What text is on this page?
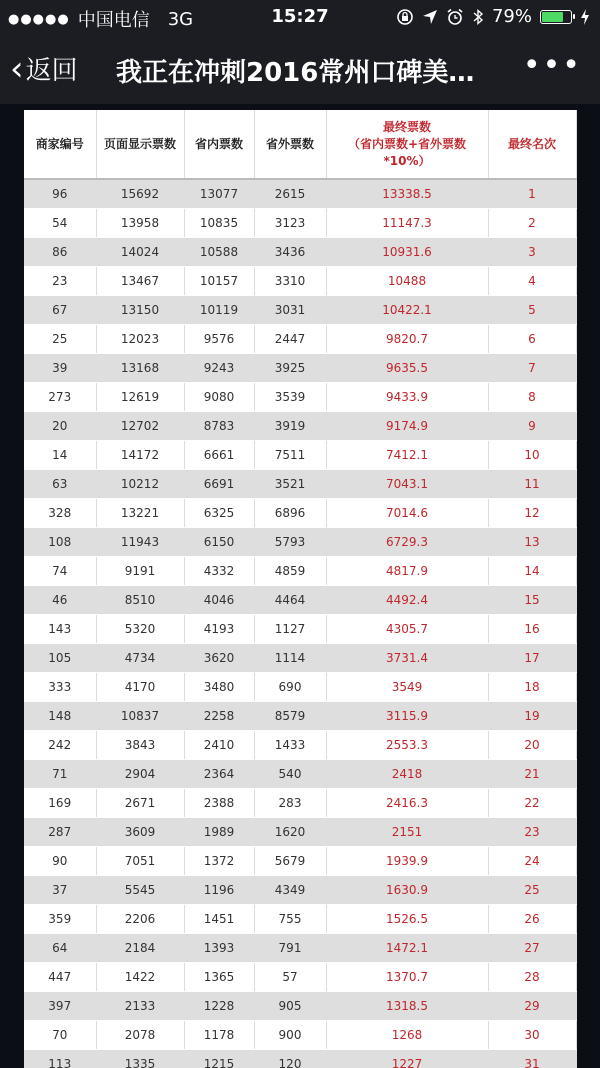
●●●●● 中国电信 3G	15:27	79%
‹ 返回 我正在冲刺2016常州口碑美…	•••
商家编号	页面显示票数	省内票数	省外票数	最终票数
（省内票数+省外票数
*10%）	最终名次
96	15692	13077	2615	13338.5	1
54	13958	10835	3123	11147.3	2
86	14024	10588	3436	10931.6	3
23	13467	10157	3310	10488	4
67	13150	10119	3031	10422.1	5
25	12023	9576	2447	9820.7	6
39	13168	9243	3925	9635.5	7
273	12619	9080	3539	9433.9	8
20	12702	8783	3919	9174.9	9
14	14172	6661	7511	7412.1	10
63	10212	6691	3521	7043.1	11
328	13221	6325	6896	7014.6	12
108	11943	6150	5793	6729.3	13
74	9191	4332	4859	4817.9	14
46	8510	4046	4464	4492.4	15
143	5320	4193	1127	4305.7	16
105	4734	3620	1114	3731.4	17
333	4170	3480	690	3549	18
148	10837	2258	8579	3115.9	19
242	3843	2410	1433	2553.3	20
71	2904	2364	540	2418	21
169	2671	2388	283	2416.3	22
287	3609	1989	1620	2151	23
90	7051	1372	5679	1939.9	24
37	5545	1196	4349	1630.9	25
359	2206	1451	755	1526.5	26
64	2184	1393	791	1472.1	27
447	1422	1365	57	1370.7	28
397	2133	1228	905	1318.5	29
70	2078	1178	900	1268	30
113	1335	1215	120	1227	31
